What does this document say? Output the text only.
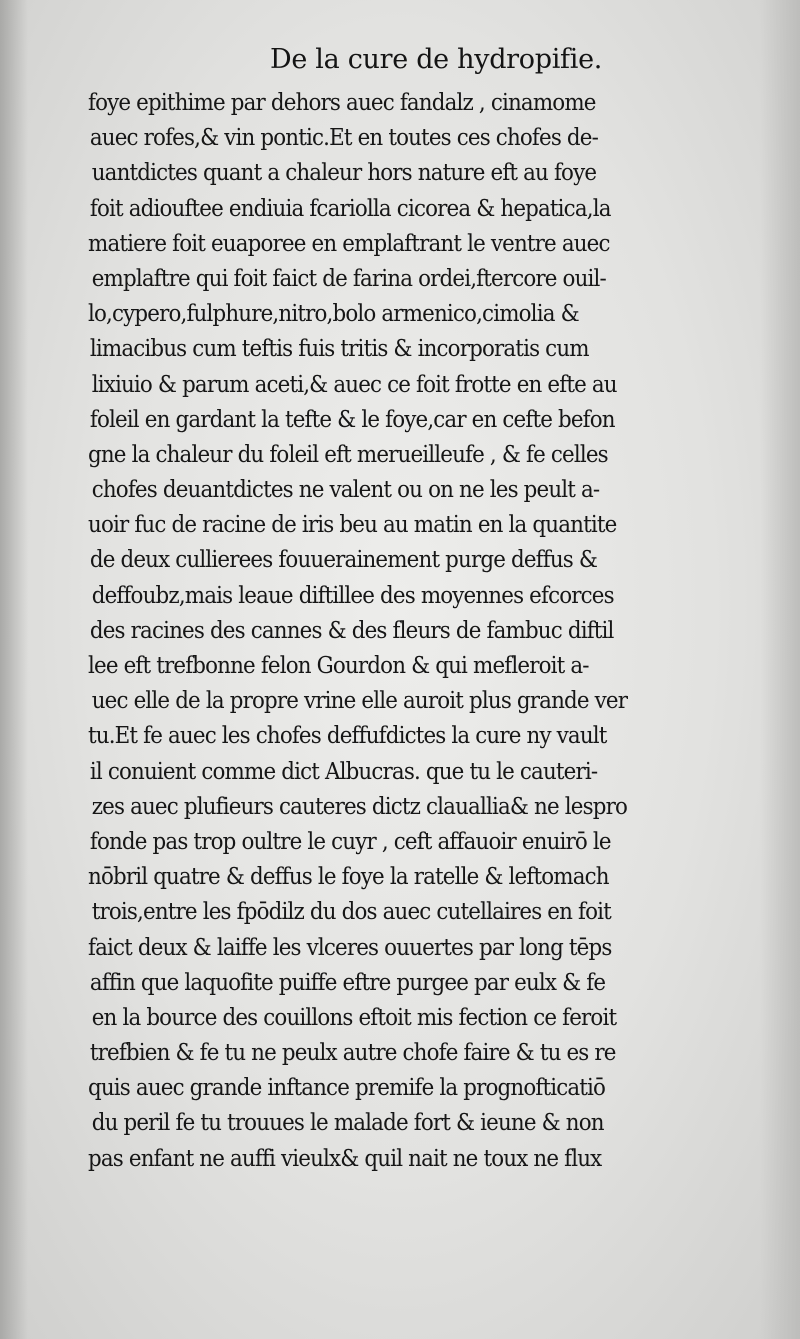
De la cure de hydropifie.
foye epithime par dehors auec fandalz , cinamome
auec rofes,& vin pontic.Et en toutes ces chofes de-
uantdictes quant a chaleur hors nature eft au foye
foit adiouftee endiuia fcariolla cicorea & hepatica,la
matiere foit euaporee en emplaftrant le ventre auec
emplaftre qui foit faict de farina ordei,ftercore ouil-
lo,cypero,fulphure,nitro,bolo armenico,cimolia &
limacibus cum teftis fuis tritis & incorporatis cum
lixiuio & parum aceti,& auec ce foit frotte en efte au
foleil en gardant la tefte & le foye,car en cefte befon
gne la chaleur du foleil eft merueilleufe , & fe celles
chofes deuantdictes ne valent ou on ne les peult a-
uoir fuc de racine de iris beu au matin en la quantite
de deux cullierees fouuerainement purge deffus &
deffoubz,mais leaue diftillee des moyennes efcorces
des racines des cannes & des fleurs de fambuc diftil
lee eft trefbonne felon Gourdon & qui mefleroit a-
uec elle de la propre vrine elle auroit plus grande ver
tu.Et fe auec les chofes deffufdictes la cure ny vault
il conuient comme dict Albucras. que tu le cauteri-
zes auec plufieurs cauteres dictz clauallia& ne lespro
fonde pas trop oultre le cuyr , ceft affauoir enuirō le
nōbril quatre & deffus le foye la ratelle & leftomach
trois,entre les fpōdilz du dos auec cutellaires en foit
faict deux & laiffe les vlceres ouuertes par long tēps
affin que laquofite puiffe eftre purgee par eulx & fe
en la bource des couillons eftoit mis fection ce feroit
trefbien & fe tu ne peulx autre chofe faire & tu es re
quis auec grande inftance premife la prognofticatiō
du peril fe tu trouues le malade fort & ieune & non
pas enfant ne auffi vieulx& quil nait ne toux ne flux
